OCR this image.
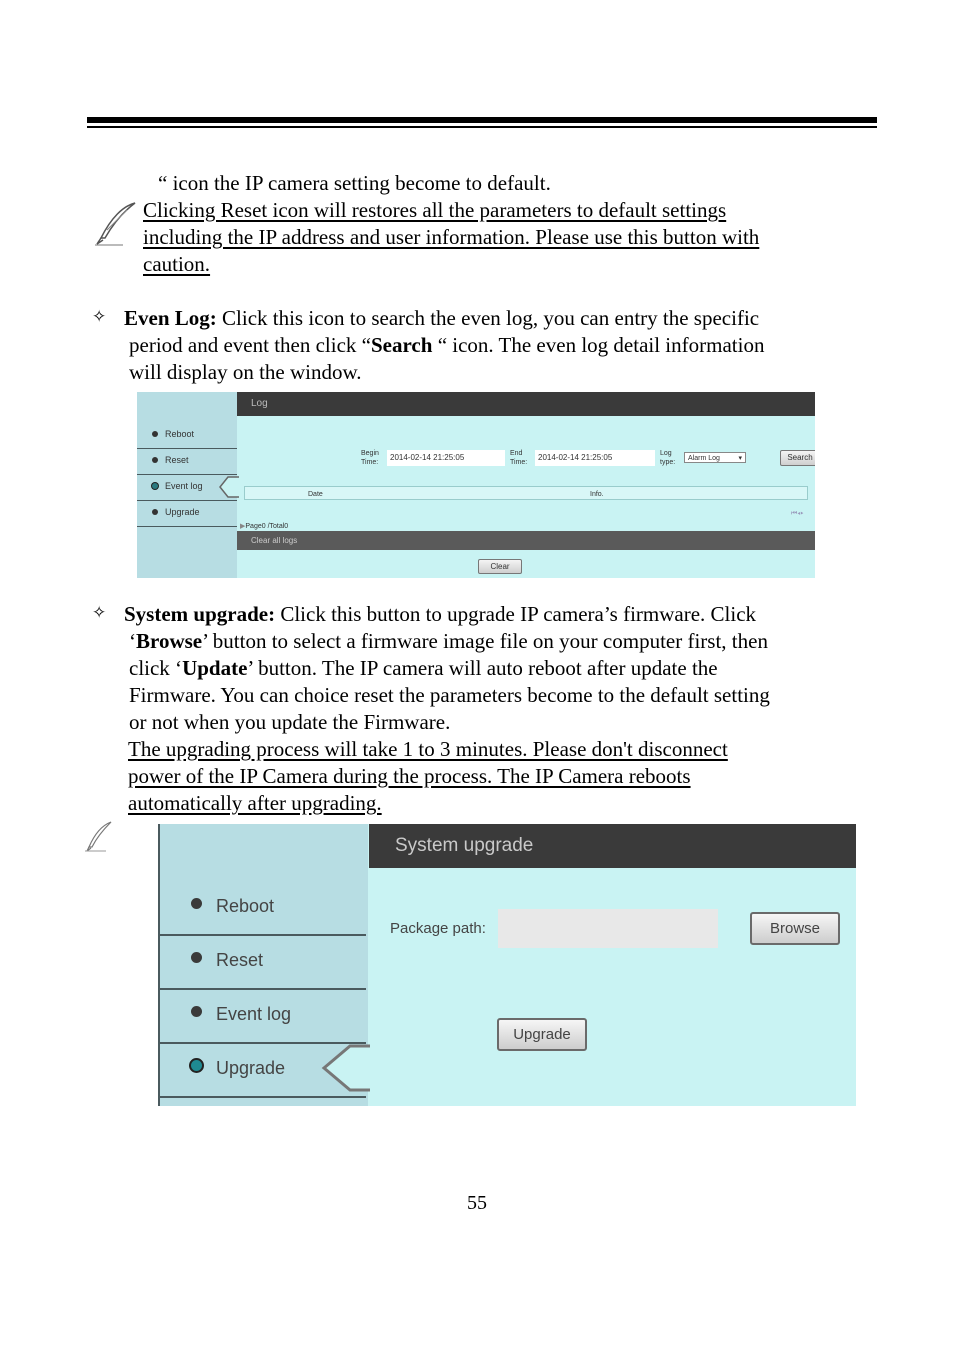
“ icon the IP camera setting become to default.
Clicking Reset icon will restores all the parameters to default settings
including the IP address and user information. Please use this button with
caution.
✧ Even Log: Click this icon to search the even log, you can entry the specific
period and event then click “Search “ icon. The even log detail information
will display on the window.
Reboot
Reset
Event log
Upgrade
Log
Begin
Time:
2014-02-14 21:25:05	End
Time:
2014-02-14 21:25:05	Log
type:
Alarm Log	▾	Search
Date	Info.
⏮◂▸
▶Page0 /Total0
Clear all logs
Clear
✧ System upgrade: Click this button to upgrade IP camera’s firmware. Click
‘Browse’ button to select a firmware image file on your computer first, then
click ‘Update’ button. The IP camera will auto reboot after update the
Firmware. You can choice reset the parameters become to the default setting
or not when you update the Firmware.
The upgrading process will take 1 to 3 minutes. Please don't disconnect
power of the IP Camera during the process. The IP Camera reboots
automatically after upgrading.
Reboot
Reset
Event log
Upgrade
System upgrade
Package path:	Browse
Upgrade
55
